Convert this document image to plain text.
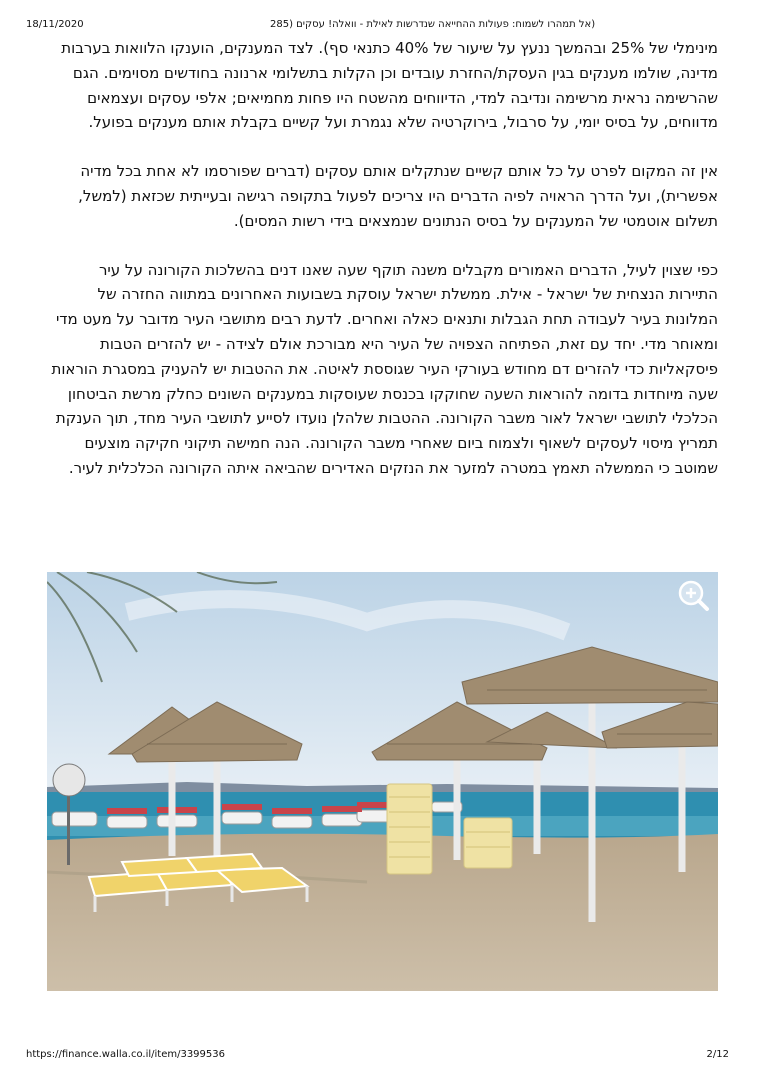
18/11/2020	(אל תמהרו לשמוח: פעולות ההחייאה שנדרשות לאילת - וואלה! עסקים (285

מינימלי של 25% ובהמשך ננעץ על שיעור של 40% כתנאי סף). לצד המענקים, הוענקו הלוואות בערבות מדינה, שולמו מענקים בגין העסקת/החזרת עובדים וכן הקלות בתשלומי ארנונה בחודשים מסוימים. הגם שהרשימה נראית מרשימה ונדיבה למדי, הדיווחים מהשטח היו פחות מחמיאים; אלפי עסקים ועצמאים מדווחים, על בסיס יומי, על סרבול, בירוקרטיה שלא נגמרת ועל קשיים בקבלת אותם מענקים בפועל.

אין זה המקום לפרט על כל אותם קשיים שנתקלים אותם עסקים (דברים שפורסמו לא אחת בכל מדיה אפשרית), ועל הדרך הראויה לפיה הדברים היו צריכים לפעול בתקופה רגישה ובעייתית שכזאת (למשל, תשלום אוטמטי של המענקים על בסיס הנתונים שנמצאים בידי רשות המסים).

כפי שצוין לעיל, הדברים האמורים מקבלים משנה תוקף שעה שאנו דנים בהשלכות הקורונה על עיר התיירות הנצחית של ישראל - אילת. ממשלת ישראל עוסקת בשבועות האחרונים במתווה החזרה של המלונות בעיר לעבודה תחת הגבלות ותנאים כאלה ואחרים. לדעת רבים מתושבי העיר מדובר על מעט מדי ומאוחר מדי. יחד עם זאת, הפתיחה הצפויה של העיר היא מבורכת אולם לצידה - יש להזרים הטבות פיסקאליות כדי להזרים דם מחודש בעורקי העיר שגוססת לאיטה. את ההטבות יש להעניק במסגרת הוראות שעה מיוחדות בדומה להוראות השעה שחוקקו בכנסת שעוסקות במענקים השונים כחלק מרשת הביטחון הכלכלי לתושבי ישראל לאור משבר הקורונה. ההטבות שלהלן נועדו לסייע לתושבי העיר מחד, תוך הענקת תמריץ מיסוי לעסקים לשאוף ולצמוח ביום שאחרי משבר הקורונה. הנה חמישה תיקוני חקיקה מוצעים שמוטב כי הממשלה תאמץ במטרה למזער את הנזקים האדירים שהביאה איתה הקורונה הכלכלית לעיר.

https://finance.walla.co.il/item/3399536	2/12
